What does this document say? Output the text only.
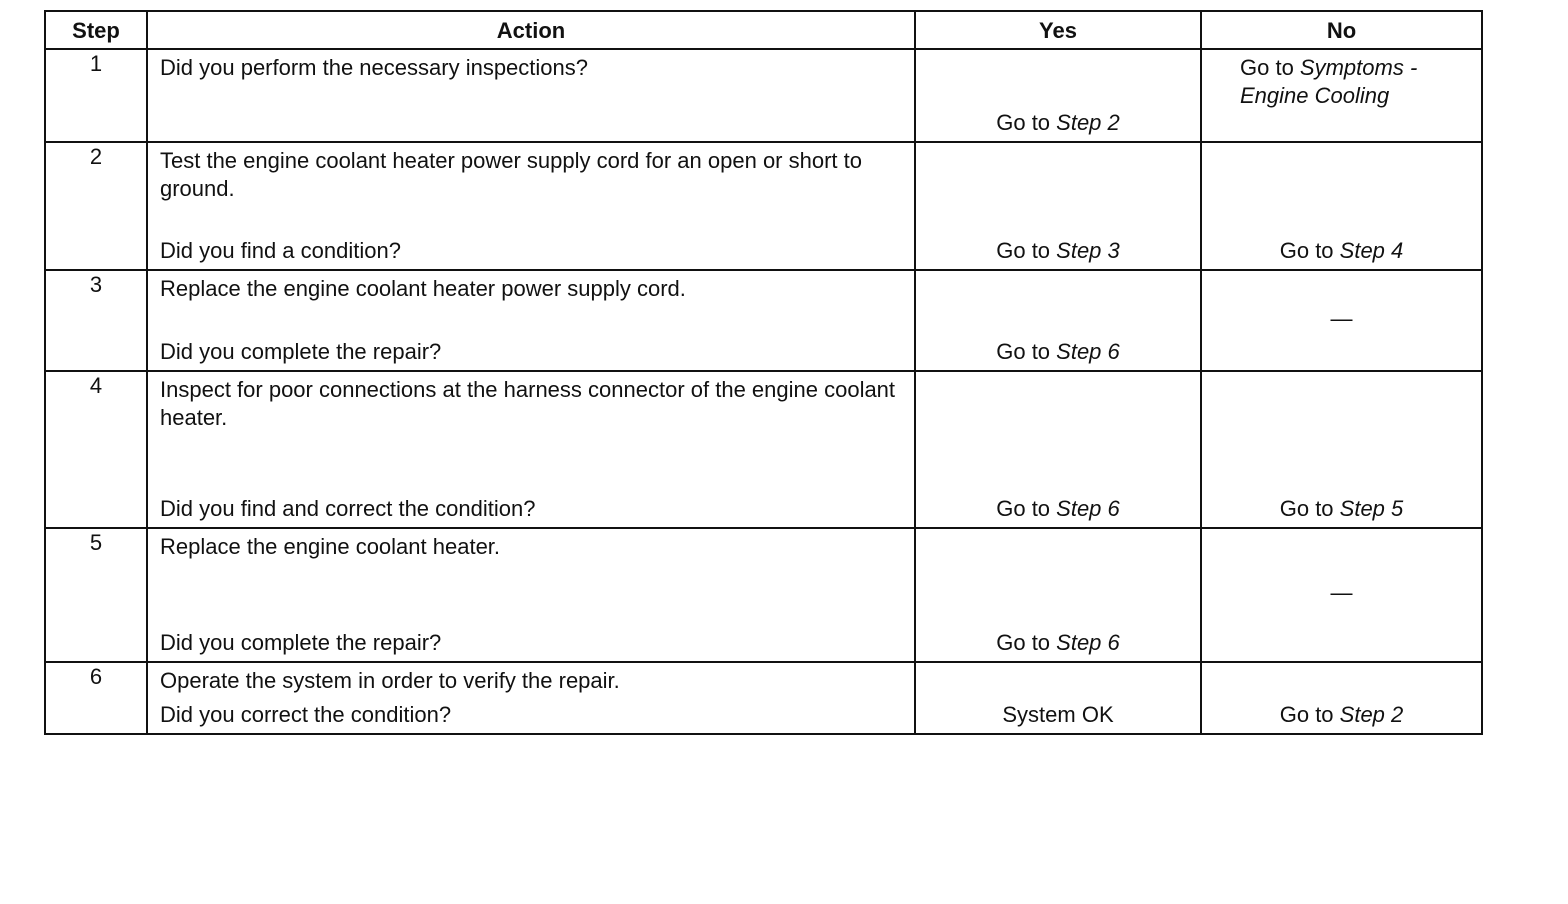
Step	Action	Yes	No
1	Did you perform the necessary inspections?	Go to Step 2	Go to Symptoms - Engine Cooling

2	Test the engine coolant heater power supply cord for an open or short to ground.
Did you find a condition?	Go to Step 3	Go to Step 4

3	Replace the engine coolant heater power supply cord.
Did you complete the repair?	Go to Step 6	—

4	Inspect for poor connections at the harness connector of the engine coolant heater.
Did you find and correct the condition?	Go to Step 6	Go to Step 5

5	Replace the engine coolant heater.
Did you complete the repair?	Go to Step 6	—

6	Operate the system in order to verify the repair.
Did you correct the condition?	System OK	Go to Step 2
